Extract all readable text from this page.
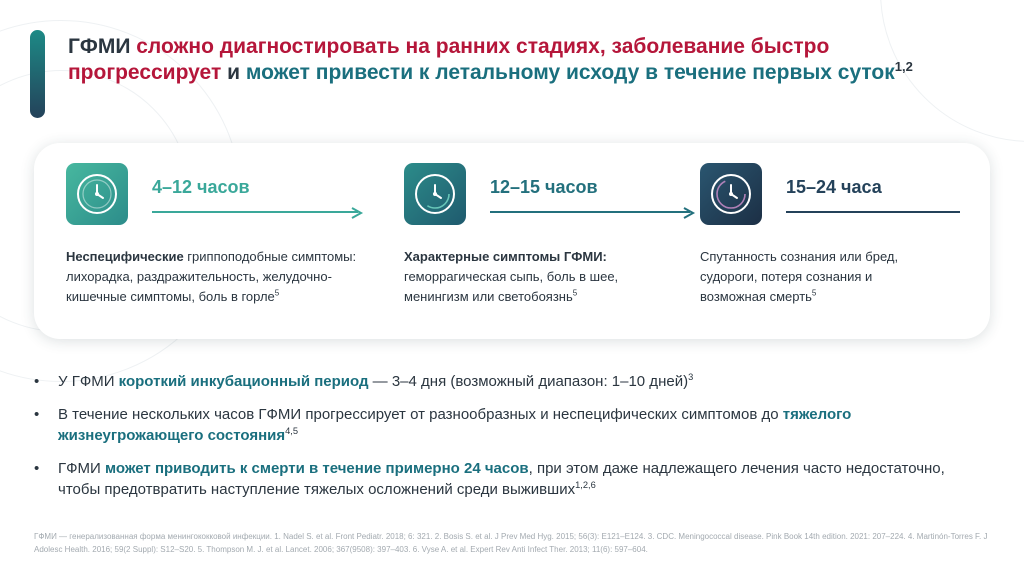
ГФМИ сложно диагностировать на ранних стадиях, заболевание быстро прогрессирует и может привести к летальному исходу в течение первых суток$^{1,2}$
4–12 часов
Неспецифические гриппоподобные симптомы: лихорадка, раздражительность, желудочно-кишечные симптомы, боль в горле$^5$
12–15 часов
Характерные симптомы ГФМИ: геморрагическая сыпь, боль в шее, менингизм или светобоязнь$^5$
15–24 часа
Спутанность сознания или бред, судороги, потеря сознания и возможная смерть$^5$
• У ГФМИ короткий инкубационный период — 3–4 дня (возможный диапазон: 1–10 дней)$^3$
• В течение нескольких часов ГФМИ прогрессирует от разнообразных и неспецифических симптомов до тяжелого жизнеугрожающего состояния$^{4,5}$
• ГФМИ может приводить к смерти в течение примерно 24 часов, при этом даже надлежащего лечения часто недостаточно, чтобы предотвратить наступление тяжелых осложнений среди выживших$^{1,2,6}$
ГФМИ — генерализованная форма менингококковой инфекции. 1. Nadel S. et al. Front Pediatr. 2018; 6: 321. 2. Bosis S. et al. J Prev Med Hyg. 2015; 56(3): E121–E124. 3. CDC. Meningococcal disease. Pink Book 14th edition. 2021: 207–224. 4. Martinón-Torres F. J Adolesc Health. 2016; 59(2 Suppl): S12–S20. 5. Thompson M. J. et al. Lancet. 2006; 367(9508): 397–403. 6. Vyse A. et al. Expert Rev Anti Infect Ther. 2013; 11(6): 597–604.
